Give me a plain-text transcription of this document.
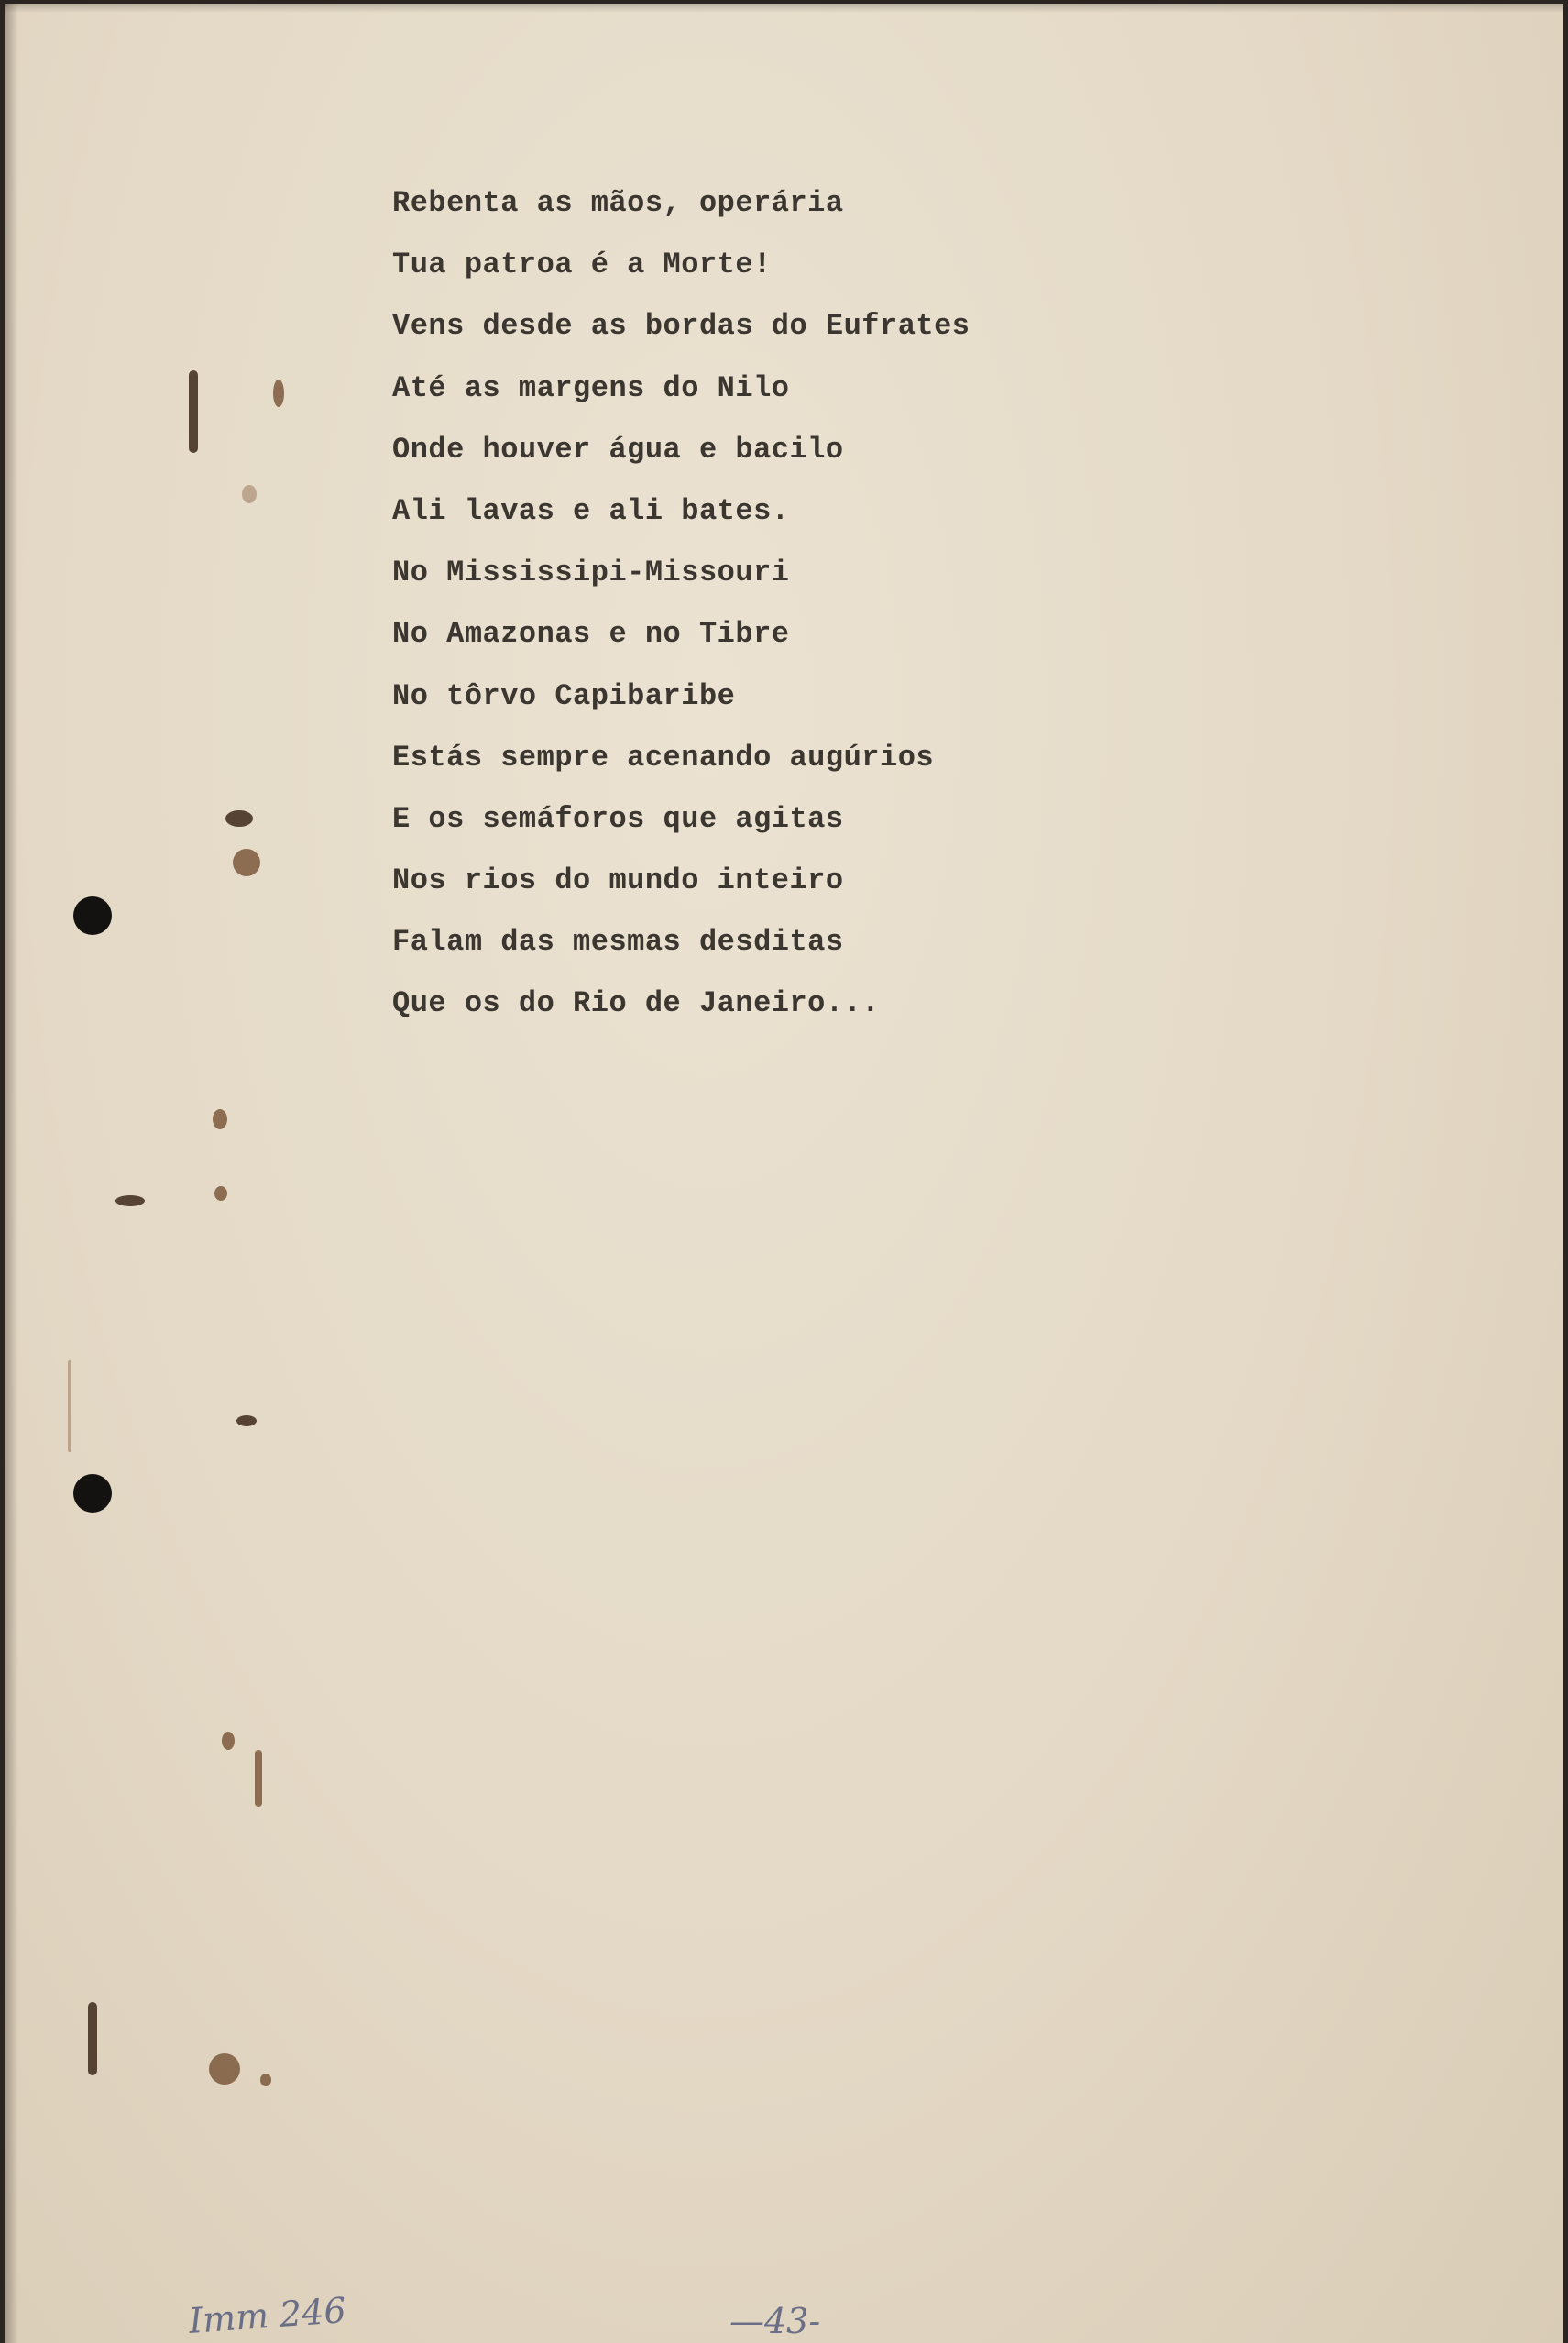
Rebenta as mãos, operária
Tua patroa é a Morte!
Vens desde as bordas do Eufrates
Até as margens do Nilo
Onde houver água e bacilo
Ali lavas e ali bates.
No Mississipi-Missouri
No Amazonas e no Tibre
No tôrvo Capibaribe
Estás sempre acenando augúrios
E os semáforos que agitas
Nos rios do mundo inteiro
Falam das mesmas desditas
Que os do Rio de Janeiro...
Imm 246	—43-
